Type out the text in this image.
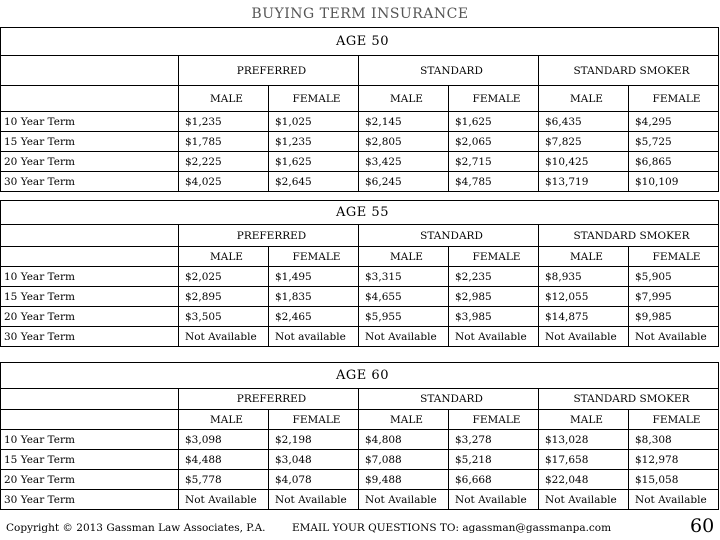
BUYING TERM INSURANCE
AGE 50						
	PREFERRED		STANDARD		STANDARD SMOKER	
	MALE	FEMALE	MALE	FEMALE	MALE	FEMALE
10 Year Term	$1,235	$1,025	$2,145	$1,625	$6,435	$4,295
15 Year Term	$1,785	$1,235	$2,805	$2,065	$7,825	$5,725
20 Year Term	$2,225	$1,625	$3,425	$2,715	$10,425	$6,865
30 Year Term	$4,025	$2,645	$6,245	$4,785	$13,719	$10,109
AGE 55						
	PREFERRED		STANDARD		STANDARD SMOKER	
	MALE	FEMALE	MALE	FEMALE	MALE	FEMALE
10 Year Term	$2,025	$1,495	$3,315	$2,235	$8,935	$5,905
15 Year Term	$2,895	$1,835	$4,655	$2,985	$12,055	$7,995
20 Year Term	$3,505	$2,465	$5,955	$3,985	$14,875	$9,985
30 Year Term	Not Available	Not available	Not Available	Not Available	Not Available	Not Available
AGE 60						
	PREFERRED		STANDARD		STANDARD SMOKER	
	MALE	FEMALE	MALE	FEMALE	MALE	FEMALE
10 Year Term	$3,098	$2,198	$4,808	$3,278	$13,028	$8,308
15 Year Term	$4,488	$3,048	$7,088	$5,218	$17,658	$12,978
20 Year Term	$5,778	$4,078	$9,488	$6,668	$22,048	$15,058
30 Year Term	Not Available	Not Available	Not Available	Not Available	Not Available	Not Available
Copyright © 2013 Gassman Law Associates, P.A.	EMAIL YOUR QUESTIONS TO: agassman@gassmanpa.com	60
